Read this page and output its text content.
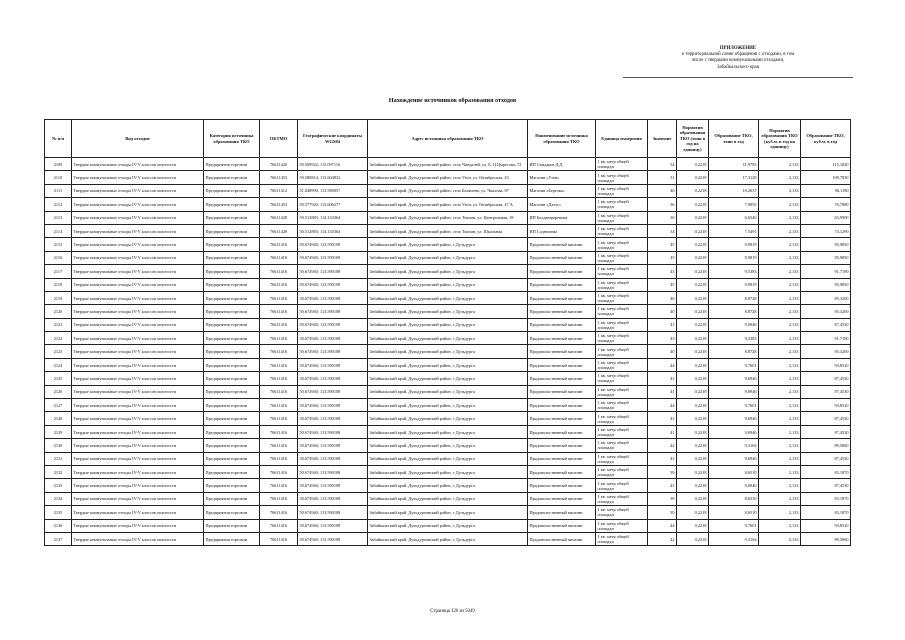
ПРИЛОЖЕНИЕ
к территориальной схеме обращения с отходами, в том
числе с твердыми коммунальными отходами,
Забайкальского края
Нахождение источников образования отходов
№ п/п	Вид отходов	Категория источника образования ТКО	ОКТМО	Географические координаты WGS84	Адрес источника образования ТКО	Наименование источника образования ТКО	Единица измерения	Значение	Норматив образования ТКО (тонн в год на единицу)	Образование ТКО, тонн в год	Норматив образования ТКО (куб.м. в год на единицу)	Образование ТКО, куб.м. в год
2109	Твердые коммунальные отходы IV-V классов опасности	Предприятия торговли	76611420	50.569922; 115.097116	Забайкальский край, Дульдургинский район, село Чиндалей, ул. Б. Ц.Цырегова, 72	ИП Самдаков Д.Д	1 кв. метр общей площади	54	0,2218	11,9783	2,133	115,1820
2110	Твердые коммунальные отходы IV-V классов опасности	Предприятия торговли	76611453	50.580814; 113.604832	Забайкальский край, Дульдургинский район, село Узон, ул. Октябрьская, 43	Магазин «Узон»	1 кв. метр общей площади	51	0,2218	17,3128	2,133	108,7830
2111	Твердые коммунальные отходы IV-V классов опасности	Предприятия торговли	76611412	51.048990; 113.580057	Забайкальский край, Дульдургинский район, село Балягино, ул. Чкалова, 87	Магазин «Березка»	1 кв. метр общей площади	46	0,2218	10,2037	2,133	96,1180
2112	Твердые коммунальные отходы IV-V классов опасности	Предприятия торговли	76611453	50.577920; 113.606277	Забайкальский край, Дульдургинский район, село Узон, ул. Октябрьская, 47 А	Магазин «Дэлэг»	1 кв. метр общей площади	36	0,2218	7,9855	2,133	76,7880
2113	Твердые коммунальные отходы IV-V классов опасности	Предприятия торговли	76611428	50.512883; 114.133364	Забайкальский край, Дульдургинский район, село Токчин, ул. Центральная, 18	ИП Балданцыренова	1 кв. метр общей площади	30	0,2218	6,6546	2,133	63,9900
2114	Твердые коммунальные отходы IV-V классов опасности	Предприятия торговли	76611428	50.512883; 114.133364	Забайкальский край, Дульдургинский район, село Токчин, ул. Школьная	ИП Содномова	1 кв. метр общей площади	34	0,2218	7,5491	2,133	74,1290
2115	Твердые коммунальные отходы IV-V классов опасности	Предприятия торговли	76611416	50.674940; 113.590108	Забайкальский край, Дульдургинский район, с Дульдурга	Продовольственный магазин	1 кв. метр общей площади	45	0,2218	9,9819	2,133	95,9850
2116	Твердые коммунальные отходы IV-V классов опасности	Предприятия торговли	76611416	50.674940; 113.590108	Забайкальский край, Дульдургинский район, с Дульдурга	Продовольственный магазин	1 кв. метр общей площади	45	0,2218	9,9819	2,133	95,9850
2117	Твердые коммунальные отходы IV-V классов опасности	Предприятия торговли	76611416	50.674940; 113.590108	Забайкальский край, Дульдургинский район, с Дульдурга	Продовольственный магазин	1 кв. метр общей площади	43	0,2218	9,5383	2,133	91,7190
2118	Твердые коммунальные отходы IV-V классов опасности	Предприятия торговли	76611416	50.674940; 113.590108	Забайкальский край, Дульдургинский район, с Дульдурга	Продовольственный магазин	1 кв. метр общей площади	45	0,2218	9,9819	2,133	95,9850
2119	Твердые коммунальные отходы IV-V классов опасности	Предприятия торговли	76611416	50.674940; 113.590108	Забайкальский край, Дульдургинский район, с Дульдурга	Продовольственный магазин	1 кв. метр общей площади	40	0,2218	8,8728	2,133	85,3200
2120	Твердые коммунальные отходы IV-V классов опасности	Предприятия торговли	76611416	50.674940; 113.590108	Забайкальский край, Дульдургинский район, с Дульдурга	Продовольственный магазин	1 кв. метр общей площади	40	0,2218	8,8728	2,133	85,3200
2121	Твердые коммунальные отходы IV-V классов опасности	Предприятия торговли	76611416	50.674940; 113.590108	Забайкальский край, Дульдургинский район, с Дульдурга	Продовольственный магазин	1 кв. метр общей площади	41	0,2218	9,0946	2,133	87,4530
2122	Твердые коммунальные отходы IV-V классов опасности	Предприятия торговли	76611416	50.674940; 113.590108	Забайкальский край, Дульдургинский район, с Дульдурга	Продовольственный магазин	1 кв. метр общей площади	43	0,2218	9,5383	2,133	91,7190
2123	Твердые коммунальные отходы IV-V классов опасности	Предприятия торговли	76611416	50.674940; 113.590108	Забайкальский край, Дульдургинский район, с Дульдурга	Продовольственный магазин	1 кв. метр общей площади	40	0,2218	8,8728	2,133	85,3200
2124	Твердые коммунальные отходы IV-V классов опасности	Предприятия торговли	76611416	50.674940; 113.590108	Забайкальский край, Дульдургинский район, с Дульдурга	Продовольственный магазин	1 кв. метр общей площади	44	0,2218	9,7601	2,133	93,8520
2125	Твердые коммунальные отходы IV-V классов опасности	Предприятия торговли	76611416	50.674940; 113.590108	Забайкальский край, Дульдургинский район, с Дульдурга	Продовольственный магазин	1 кв. метр общей площади	41	0,2218	9,0946	2,133	87,4530
2126	Твердые коммунальные отходы IV-V классов опасности	Предприятия торговли	76611416	50.674940; 113.590108	Забайкальский край, Дульдургинский район, с Дульдурга	Продовольственный магазин	1 кв. метр общей площади	41	0,2218	9,0946	2,133	87,4530
2127	Твердые коммунальные отходы IV-V классов опасности	Предприятия торговли	76611416	50.674940; 113.590108	Забайкальский край, Дульдургинский район, с Дульдурга	Продовольственный магазин	1 кв. метр общей площади	44	0,2218	9,7601	2,133	93,8520
2128	Твердые коммунальные отходы IV-V классов опасности	Предприятия торговли	76611416	50.674940; 113.590108	Забайкальский край, Дульдургинский район, с Дульдурга	Продовольственный магазин	1 кв. метр общей площади	41	0,2218	9,0946	2,133	87,4530
2129	Твердые коммунальные отходы IV-V классов опасности	Предприятия торговли	76611416	50.674940; 113.590108	Забайкальский край, Дульдургинский район, с Дульдурга	Продовольственный магазин	1 кв. метр общей площади	41	0,2218	9,0946	2,133	87,4530
2130	Твердые коммунальные отходы IV-V классов опасности	Предприятия торговли	76611416	50.674940; 113.590108	Забайкальский край, Дульдургинский район, с Дульдурга	Продовольственный магазин	1 кв. метр общей площади	42	0,2218	9,3164	2,133	89,5860
2131	Твердые коммунальные отходы IV-V классов опасности	Предприятия торговли	76611416	50.674940; 113.590108	Забайкальский край, Дульдургинский район, с Дульдурга	Продовольственный магазин	1 кв. метр общей площади	41	0,2218	9,0946	2,133	87,4530
2132	Твердые коммунальные отходы IV-V классов опасности	Предприятия торговли	76611416	50.674940; 113.590108	Забайкальский край, Дульдургинский район, с Дульдурга	Продовольственный магазин	1 кв. метр общей площади	39	0,2218	8,6510	2,133	83,1870
2133	Твердые коммунальные отходы IV-V классов опасности	Предприятия торговли	76611416	50.674940; 113.590108	Забайкальский край, Дульдургинский район, с Дульдурга	Продовольственный магазин	1 кв. метр общей площади	41	0,2218	9,0946	2,133	87,4530
2134	Твердые коммунальные отходы IV-V классов опасности	Предприятия торговли	76611416	50.674940; 113.590108	Забайкальский край, Дульдургинский район, с Дульдурга	Продовольственный магазин	1 кв. метр общей площади	39	0,2218	8,6510	2,133	83,1870
2135	Твердые коммунальные отходы IV-V классов опасности	Предприятия торговли	76611416	50.674940; 113.590108	Забайкальский край, Дульдургинский район, с Дульдурга	Продовольственный магазин	1 кв. метр общей площади	39	0,2218	8,6510	2,133	83,1870
2136	Твердые коммунальные отходы IV-V классов опасности	Предприятия торговли	76611416	50.674940; 113.590108	Забайкальский край, Дульдургинский район, с Дульдурга	Продовольственный магазин	1 кв. метр общей площади	44	0,2218	9,7601	2,133	93,8520
2137	Твердые коммунальные отходы IV-V классов опасности	Предприятия торговли	76611416	50.674940; 113.590108	Забайкальский край, Дульдургинский район, с Дульдурга	Продовольственный магазин	1 кв. метр общей площади	42	0,2218	9,3164	2,133	89,5860
Страница 126 из 5049
